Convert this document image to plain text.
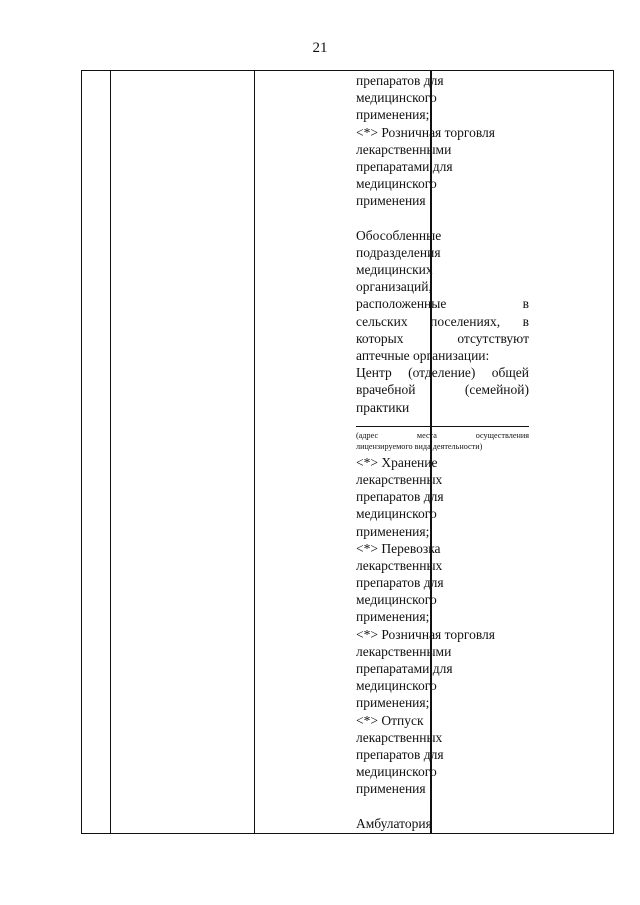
21
препаратов для
медицинского
применения;
<*> Розничная торговля
лекарственными
препаратами для
медицинского
применения
Обособленные
подразделения
медицинских
организаций,
расположенные	в
сельских поселениях, в
которых	отсутствуют
аптечные организации:
Центр (отделение) общей
врачебной	(семейной)
практики
(адрес	места	осуществления
лицензируемого вида деятельности)
<*> Хранение
лекарственных
препаратов для
медицинского
применения;
<*> Перевозка
лекарственных
препаратов для
медицинского
применения;
<*> Розничная торговля
лекарственными
препаратами для
медицинского
применения;
<*> Отпуск
лекарственных
препаратов для
медицинского
применения
Амбулатория
